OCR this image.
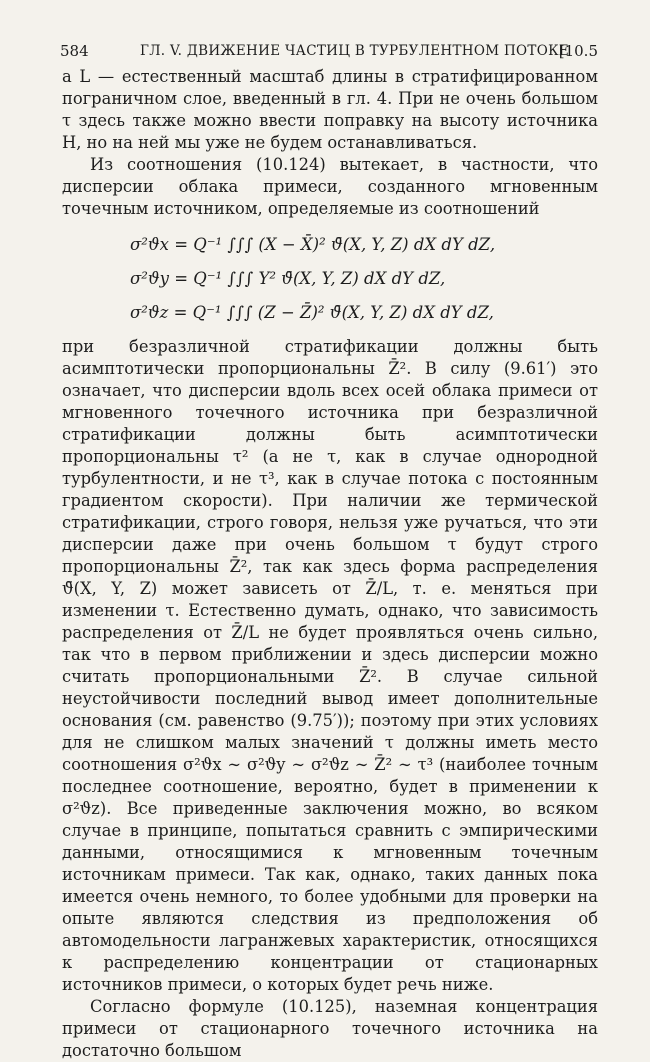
584	ГЛ. V. ДВИЖЕНИЕ ЧАСТИЦ В ТУРБУЛЕНТНОМ ПОТОКЕ
[10.5

а L — естественный масштаб длины в стратифицированном пограничном слое, введенный в гл. 4. При не очень большом τ здесь также можно ввести поправку на высоту источника H, но на ней мы уже не будем останавливаться.

Из соотношения (10.124) вытекает, в частности, что дисперсии облака примеси, созданного мгновенным точечным источником, определяемые из соотношений

σ²ϑx = Q⁻¹ ∫∫∫ (X − X̄)² ϑ̄(X, Y, Z) dX dY dZ,
σ²ϑy = Q⁻¹ ∫∫∫ Y² ϑ̄(X, Y, Z) dX dY dZ,
σ²ϑz = Q⁻¹ ∫∫∫ (Z − Z̄)² ϑ̄(X, Y, Z) dX dY dZ,

при безразличной стратификации должны быть асимптотически пропорциональны Z̄². В силу (9.61′) это означает, что дисперсии вдоль всех осей облака примеси от мгновенного точечного источника при безразличной стратификации должны быть асимптотически пропорциональны τ² (а не τ, как в случае однородной турбулентности, и не τ³, как в случае потока с постоянным градиентом скорости). При наличии же термической стратификации, строго говоря, нельзя уже ручаться, что эти дисперсии даже при очень большом τ будут строго пропорциональны Z̄², так как здесь форма распределения ϑ̄(X, Y, Z) может зависеть от Z̄/L, т. е. меняться при изменении τ. Естественно думать, однако, что зависимость распределения от Z̄/L не будет проявляться очень сильно, так что в первом приближении и здесь дисперсии можно считать пропорциональными Z̄². В случае сильной неустойчивости последний вывод имеет дополнительные основания (см. равенство (9.75′)); поэтому при этих условиях для не слишком малых значений τ должны иметь место соотношения σ²ϑx ∼ σ²ϑy ∼ σ²ϑz ∼ Z̄² ∼ τ³ (наиболее точным последнее соотношение, вероятно, будет в применении к σ²ϑz). Все приведенные заключения можно, во всяком случае в принципе, попытаться сравнить с эмпирическими данными, относящимися к мгновенным точечным источникам примеси. Так как, однако, таких данных пока имеется очень немного, то более удобными для проверки на опыте являются следствия из предположения об автомодельности лагранжевых характеристик, относящихся к распределению концентрации от стационарных источников примеси, о которых будет речь ниже.

Согласно формуле (10.125), наземная концентрация примеси от стационарного точечного источника на достаточно большом
